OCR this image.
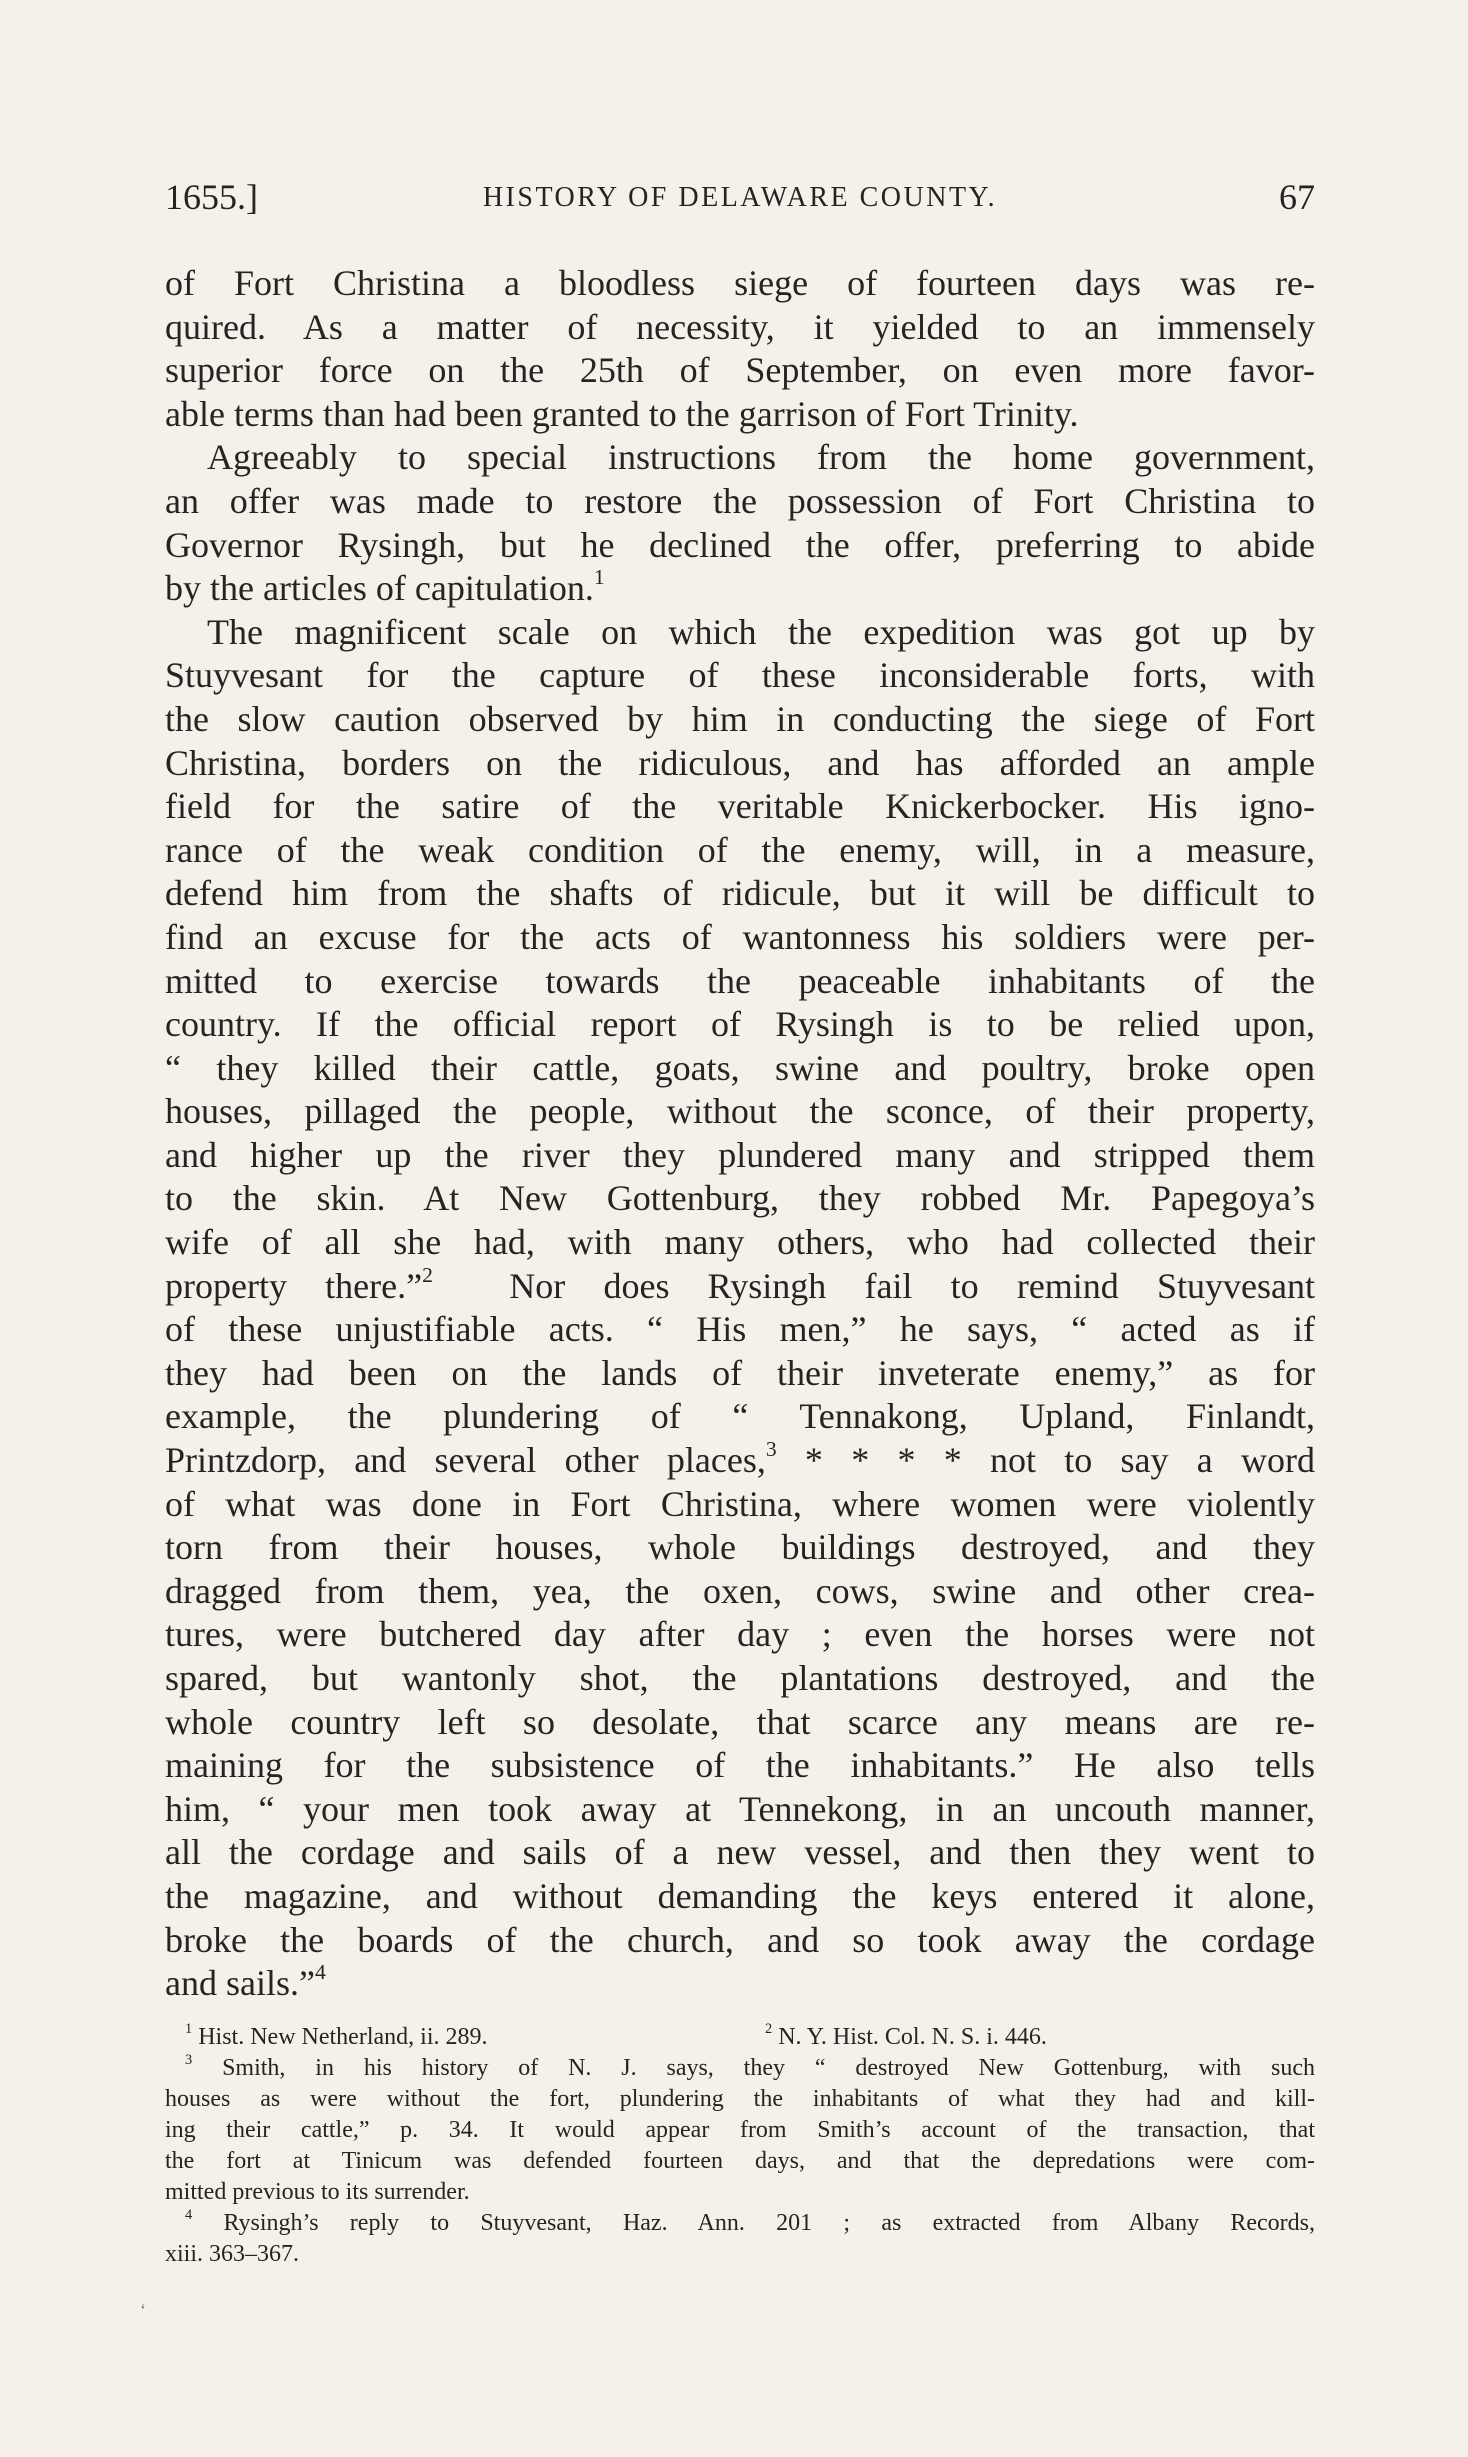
1655.]	HISTORY OF DELAWARE COUNTY.	67
of Fort Christina a bloodless siege of fourteen days was re-
quired. As a matter of necessity, it yielded to an immensely
superior force on the 25th of September, on even more favor-
able terms than had been granted to the garrison of Fort Trinity.
Agreeably to special instructions from the home government,
an offer was made to restore the possession of Fort Christina to
Governor Rysingh, but he declined the offer, preferring to abide
by the articles of capitulation.$^1$
The magnificent scale on which the expedition was got up by
Stuyvesant for the capture of these inconsiderable forts, with
the slow caution observed by him in conducting the siege of Fort
Christina, borders on the ridiculous, and has afforded an ample
field for the satire of the veritable Knickerbocker. His igno-
rance of the weak condition of the enemy, will, in a measure,
defend him from the shafts of ridicule, but it will be difficult to
find an excuse for the acts of wantonness his soldiers were per-
mitted to exercise towards the peaceable inhabitants of the
country. If the official report of Rysingh is to be relied upon,
“ they killed their cattle, goats, swine and poultry, broke open
houses, pillaged the people, without the sconce, of their property,
and higher up the river they plundered many and stripped them
to the skin. At New Gottenburg, they robbed Mr. Papegoya’s
wife of all she had, with many others, who had collected their
property there.”$^2$  Nor does Rysingh fail to remind Stuyvesant
of these unjustifiable acts. “ His men,” he says, “ acted as if
they had been on the lands of their inveterate enemy,” as for
example, the plundering of “ Tennakong, Upland, Finlandt,
Printzdorp, and several other places,$^3$ * * * * not to say a word
of what was done in Fort Christina, where women were violently
torn from their houses, whole buildings destroyed, and they
dragged from them, yea, the oxen, cows, swine and other crea-
tures, were butchered day after day ; even the horses were not
spared, but wantonly shot, the plantations destroyed, and the
whole country left so desolate, that scarce any means are re-
maining for the subsistence of the inhabitants.” He also tells
him, “ your men took away at Tennekong, in an uncouth manner,
all the cordage and sails of a new vessel, and then they went to
the magazine, and without demanding the keys entered it alone,
broke the boards of the church, and so took away the cordage
and sails.”$^4$
$^1$ Hist. New Netherland, ii. 289.	$^2$ N. Y. Hist. Col. N. S. i. 446.
$^3$ Smith, in his history of N. J. says, they “ destroyed New Gottenburg, with such
houses as were without the fort, plundering the inhabitants of what they had and kill-
ing their cattle,” p. 34. It would appear from Smith’s account of the transaction, that
the fort at Tinicum was defended fourteen days, and that the depredations were com-
mitted previous to its surrender.
$^4$ Rysingh’s reply to Stuyvesant, Haz. Ann. 201 ; as extracted from Albany Records,
xiii. 363–367.
ʻ
